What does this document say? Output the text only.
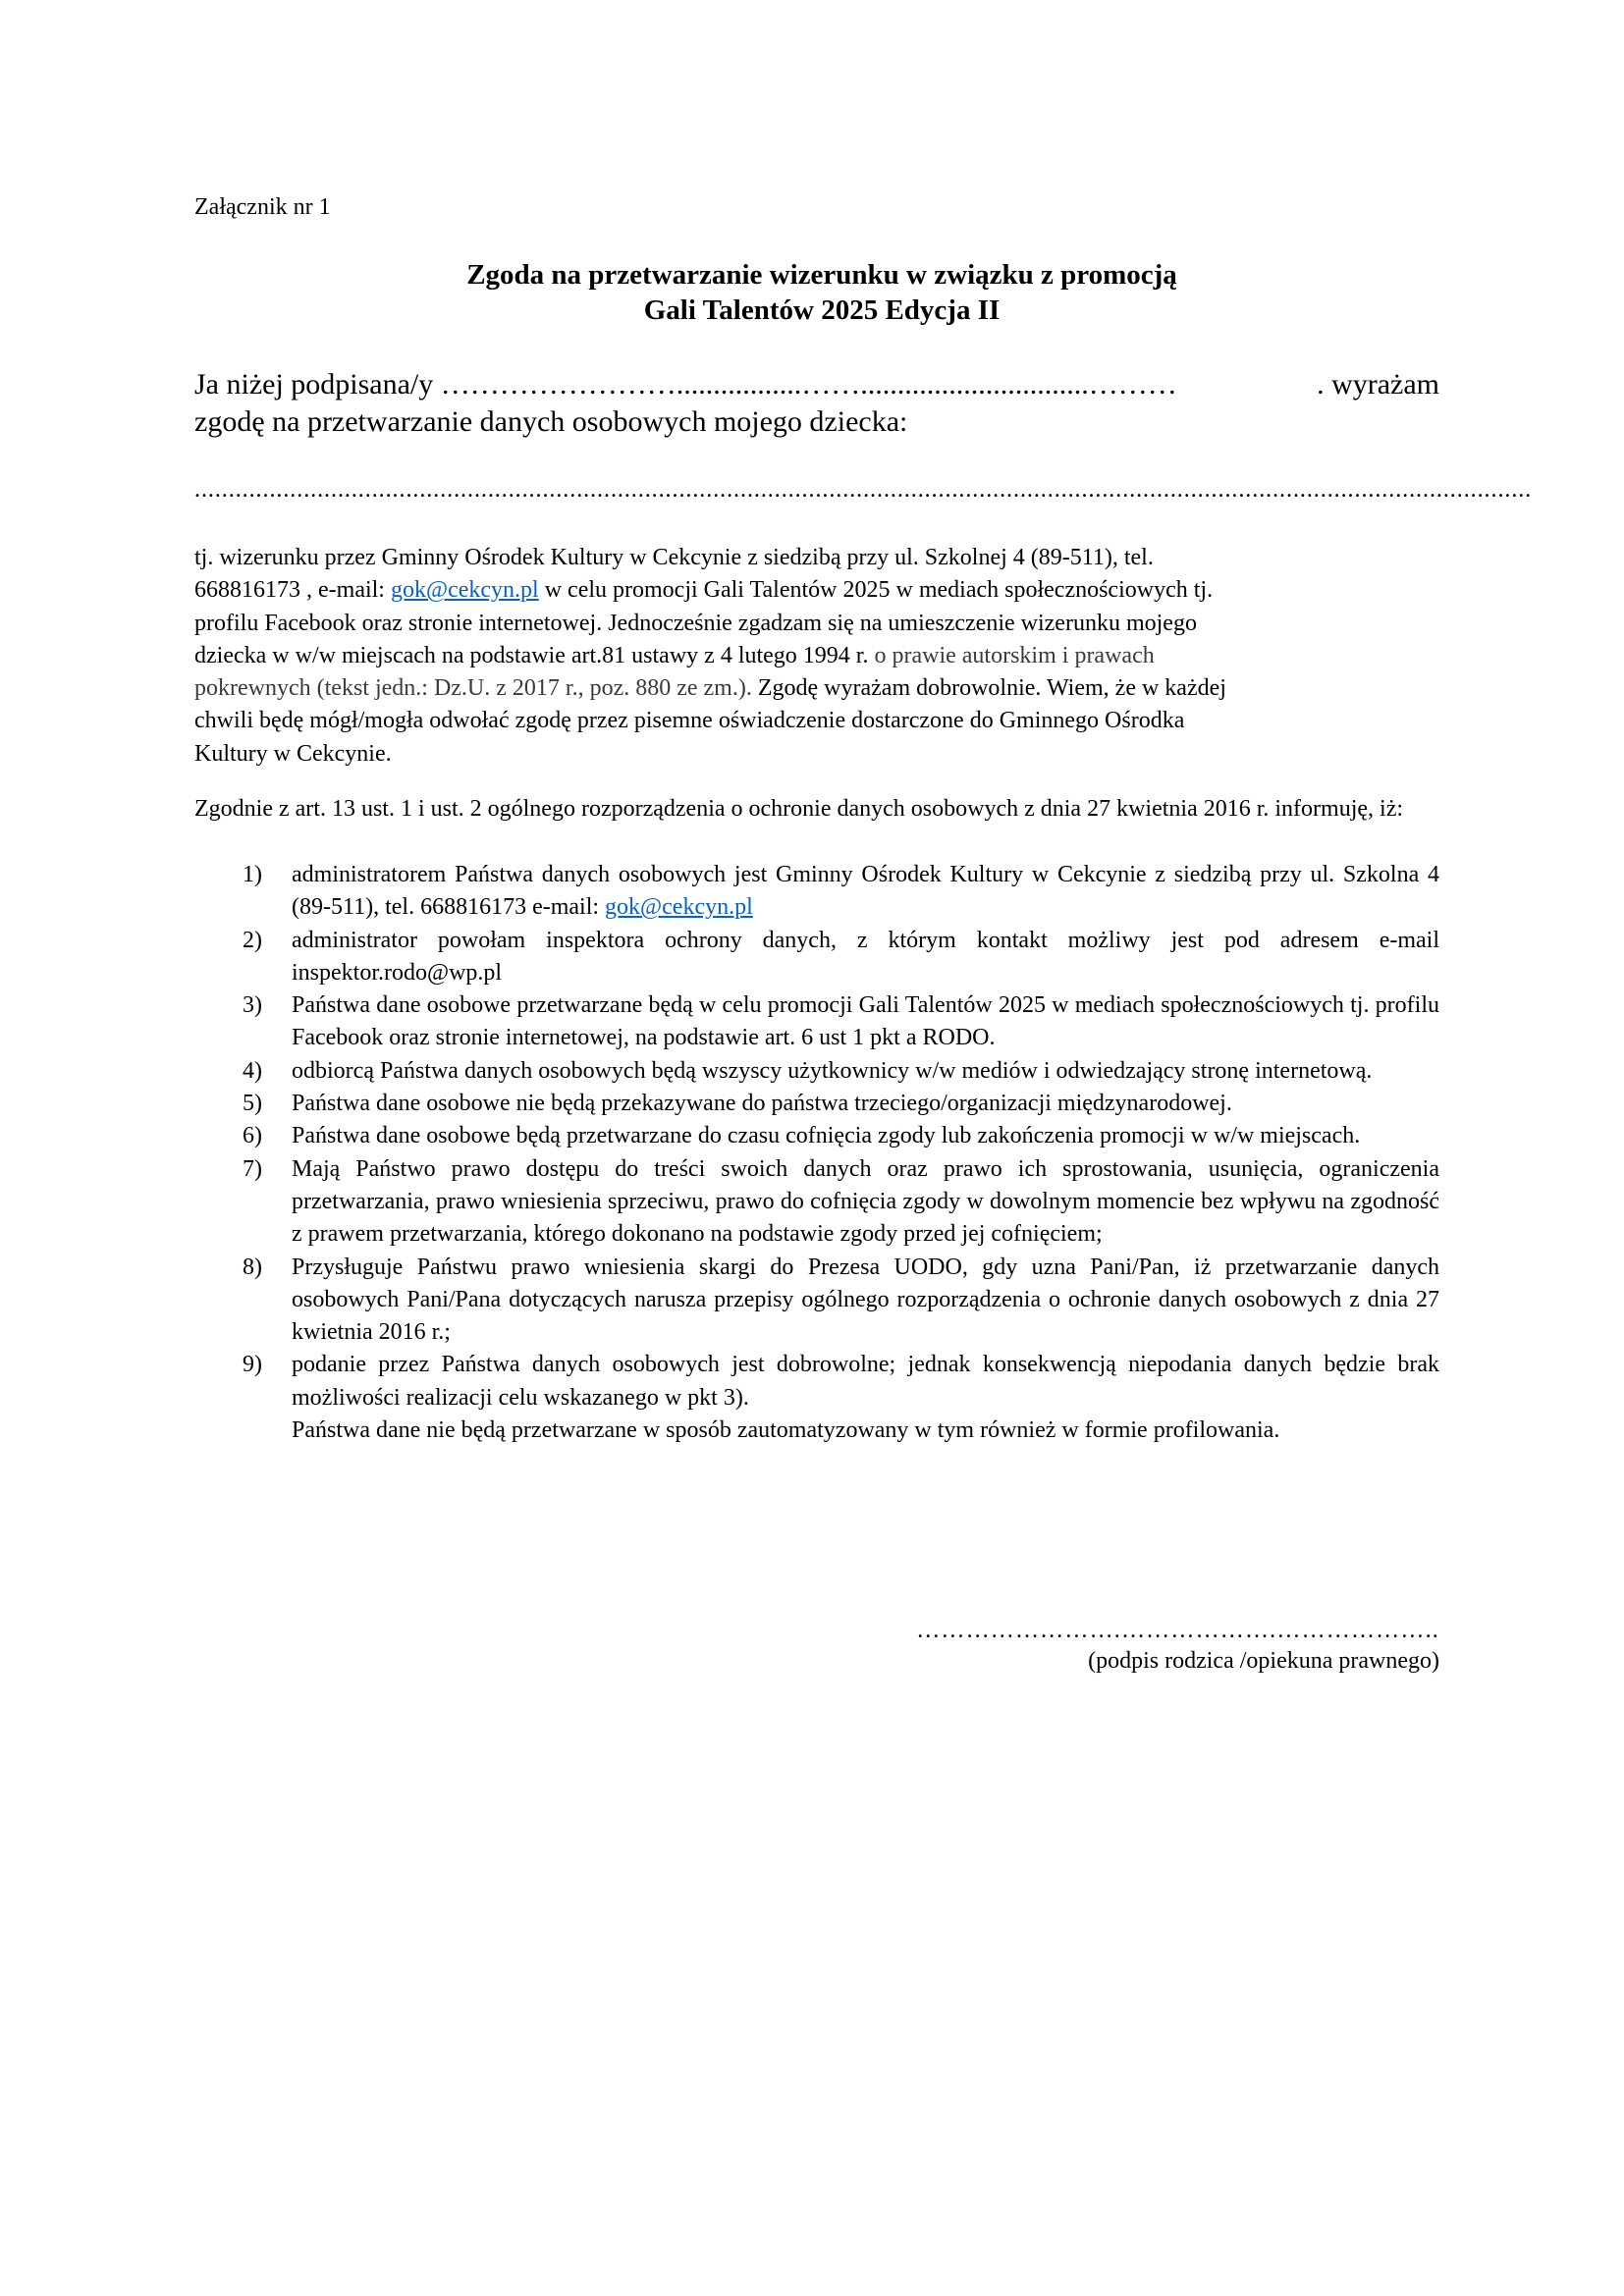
Załącznik nr 1
Zgoda na przetwarzanie wizerunku w związku z promocją
Gali Talentów 2025 Edycja II
Ja niżej podpisana/y …………………….................……...............................………	. wyrażam
zgodę na przetwarzanie danych osobowych mojego dziecka:
....................................................................................................................................................................................................
tj. wizerunku przez Gminny Ośrodek Kultury w Cekcynie z siedzibą przy ul. Szkolnej 4 (89-511), tel.
668816173 , e-mail: gok@cekcyn.pl w celu promocji Gali Talentów 2025 w mediach społecznościowych tj.
profilu Facebook oraz stronie internetowej. Jednocześnie zgadzam się na umieszczenie wizerunku mojego
dziecka w w/w miejscach na podstawie art.81 ustawy z 4 lutego 1994 r. o prawie autorskim i prawach
pokrewnych (tekst jedn.: Dz.U. z 2017 r., poz. 880 ze zm.). Zgodę wyrażam dobrowolnie. Wiem, że w każdej
chwili będę mógł/mogła odwołać zgodę przez pisemne oświadczenie dostarczone do Gminnego Ośrodka
Kultury w Cekcynie.
Zgodnie z art. 13 ust. 1 i ust. 2 ogólnego rozporządzenia o ochronie danych osobowych z dnia 27 kwietnia 2016 r. informuję, iż:
1) administratorem Państwa danych osobowych jest Gminny Ośrodek Kultury w Cekcynie z siedzibą przy ul. Szkolna 4 (89-511), tel. 668816173 e-mail: gok@cekcyn.pl
2) administrator powołam inspektora ochrony danych, z którym kontakt możliwy jest pod adresem e-mail inspektor.rodo@wp.pl
3) Państwa dane osobowe przetwarzane będą w celu promocji Gali Talentów 2025 w mediach społecznościowych tj. profilu Facebook oraz stronie internetowej, na podstawie art. 6 ust 1 pkt a RODO.
4) odbiorcą Państwa danych osobowych będą wszyscy użytkownicy w/w mediów i odwiedzający stronę internetową.
5) Państwa dane osobowe nie będą przekazywane do państwa trzeciego/organizacji międzynarodowej.
6) Państwa dane osobowe będą przetwarzane do czasu cofnięcia zgody lub zakończenia promocji w w/w miejscach.
7) Mają Państwo prawo dostępu do treści swoich danych oraz prawo ich sprostowania, usunięcia, ograniczenia przetwarzania, prawo wniesienia sprzeciwu, prawo do cofnięcia zgody w dowolnym momencie bez wpływu na zgodność z prawem przetwarzania, którego dokonano na podstawie zgody przed jej cofnięciem;
8) Przysługuje Państwu prawo wniesienia skargi do Prezesa UODO, gdy uzna Pani/Pan, iż przetwarzanie danych osobowych Pani/Pana dotyczących narusza przepisy ogólnego rozporządzenia o ochronie danych osobowych z dnia 27 kwietnia 2016 r.;
9) podanie przez Państwa danych osobowych jest dobrowolne; jednak konsekwencją niepodania danych będzie brak możliwości realizacji celu wskazanego w pkt 3).
Państwa dane nie będą przetwarzane w sposób zautomatyzowany w tym również w formie profilowania.
…………………….……………….………………..
(podpis rodzica /opiekuna prawnego)
